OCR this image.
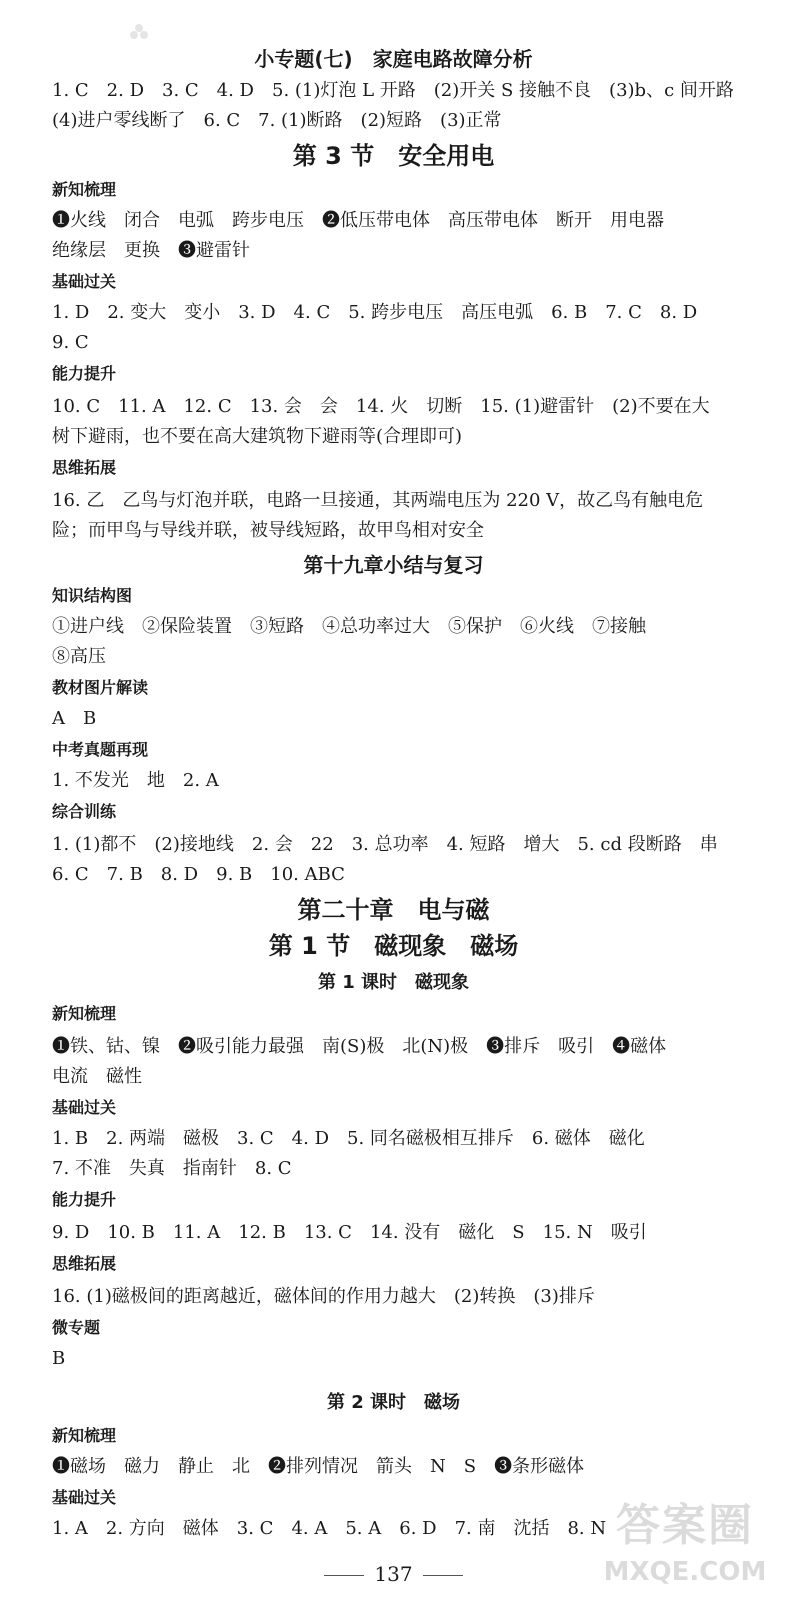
小专题(七)　家庭电路故障分析
1. C　2. D　3. C　4. D　5. (1)灯泡 L 开路　(2)开关 S 接触不良　(3)b、c 间开路
(4)进户零线断了　6. C　7. (1)断路　(2)短路　(3)正常
第 3 节　安全用电
新知梳理
❶火线　闭合　电弧　跨步电压　❷低压带电体　高压带电体　断开　用电器
绝缘层　更换　❸避雷针
基础过关
1. D　2. 变大　变小　3. D　4. C　5. 跨步电压　高压电弧　6. B　7. C　8. D
9. C
能力提升
10. C　11. A　12. C　13. 会　会　14. 火　切断　15. (1)避雷针　(2)不要在大
树下避雨，也不要在高大建筑物下避雨等(合理即可)
思维拓展
16. 乙　乙鸟与灯泡并联，电路一旦接通，其两端电压为 220 V，故乙鸟有触电危
险；而甲鸟与导线并联，被导线短路，故甲鸟相对安全
第十九章小结与复习
知识结构图
①进户线　②保险装置　③短路　④总功率过大　⑤保护　⑥火线　⑦接触
⑧高压
教材图片解读
A　B
中考真题再现
1. 不发光　地　2. A
综合训练
1. (1)都不　(2)接地线　2. 会　22　3. 总功率　4. 短路　增大　5. cd 段断路　串
6. C　7. B　8. D　9. B　10. ABC
第二十章　电与磁
第 1 节　磁现象　磁场
第 1 课时　磁现象
新知梳理
❶铁、钴、镍　❷吸引能力最强　南(S)极　北(N)极　❸排斥　吸引　❹磁体
电流　磁性
基础过关
1. B　2. 两端　磁极　3. C　4. D　5. 同名磁极相互排斥　6. 磁体　磁化
7. 不准　失真　指南针　8. C
能力提升
9. D　10. B　11. A　12. B　13. C　14. 没有　磁化　S　15. N　吸引
思维拓展
16. (1)磁极间的距离越近，磁体间的作用力越大　(2)转换　(3)排斥
微专题
B
第 2 课时　磁场
新知梳理
❶磁场　磁力　静止　北　❷排列情况　箭头　N　S　❸条形磁体
基础过关
1. A　2. 方向　磁体　3. C　4. A　5. A　6. D　7. 南　沈括　8. N 答案圈
MXQE.COM
137
